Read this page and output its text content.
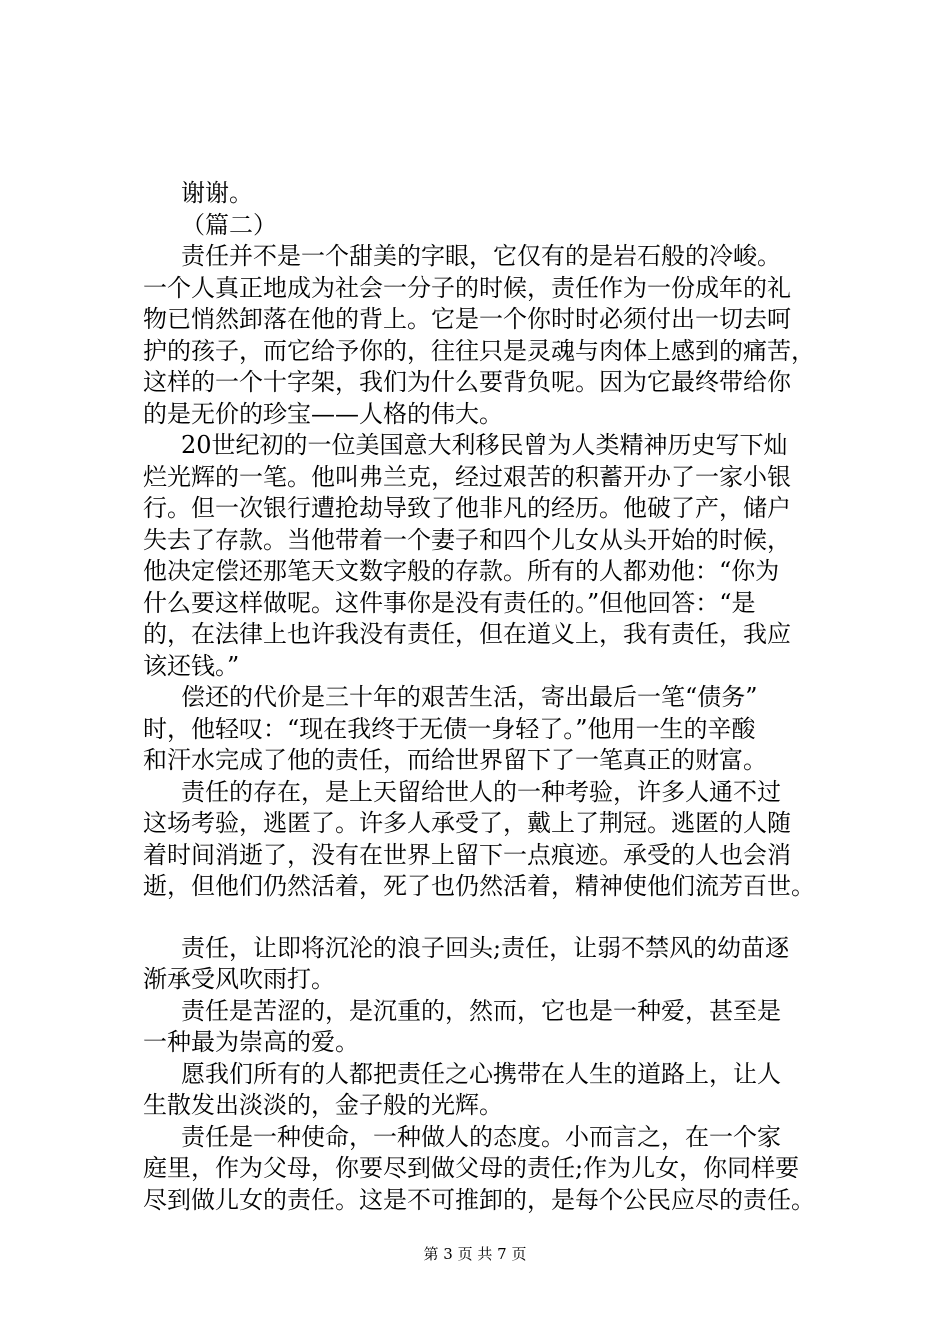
谢谢。
（篇二）
责任并不是一个甜美的字眼，它仅有的是岩石般的冷峻。
一个人真正地成为社会一分子的时候，责任作为一份成年的礼
物已悄然卸落在他的背上。它是一个你时时必须付出一切去呵
护的孩子，而它给予你的，往往只是灵魂与肉体上感到的痛苦，
这样的一个十字架，我们为什么要背负呢。因为它最终带给你
的是无价的珍宝——人格的伟大。
20世纪初的一位美国意大利移民曾为人类精神历史写下灿
烂光辉的一笔。他叫弗兰克，经过艰苦的积蓄开办了一家小银
行。但一次银行遭抢劫导致了他非凡的经历。他破了产，储户
失去了存款。当他带着一个妻子和四个儿女从头开始的时候，
他决定偿还那笔天文数字般的存款。所有的人都劝他：“你为
什么要这样做呢。这件事你是没有责任的。”但他回答：“是
的，在法律上也许我没有责任，但在道义上，我有责任，我应
该还钱。”
偿还的代价是三十年的艰苦生活，寄出最后一笔“债务”
时，他轻叹：“现在我终于无债一身轻了。”他用一生的辛酸
和汗水完成了他的责任，而给世界留下了一笔真正的财富。
责任的存在，是上天留给世人的一种考验，许多人通不过
这场考验，逃匿了。许多人承受了，戴上了荆冠。逃匿的人随
着时间消逝了，没有在世界上留下一点痕迹。承受的人也会消
逝，但他们仍然活着，死了也仍然活着，精神使他们流芳百世。
责任，让即将沉沦的浪子回头;责任，让弱不禁风的幼苗逐
渐承受风吹雨打。
责任是苦涩的，是沉重的，然而，它也是一种爱，甚至是
一种最为崇高的爱。
愿我们所有的人都把责任之心携带在人生的道路上，让人
生散发出淡淡的，金子般的光辉。
责任是一种使命，一种做人的态度。小而言之，在一个家
庭里，作为父母，你要尽到做父母的责任;作为儿女，你同样要
尽到做儿女的责任。这是不可推卸的，是每个公民应尽的责任。
第 3 页 共 7 页
